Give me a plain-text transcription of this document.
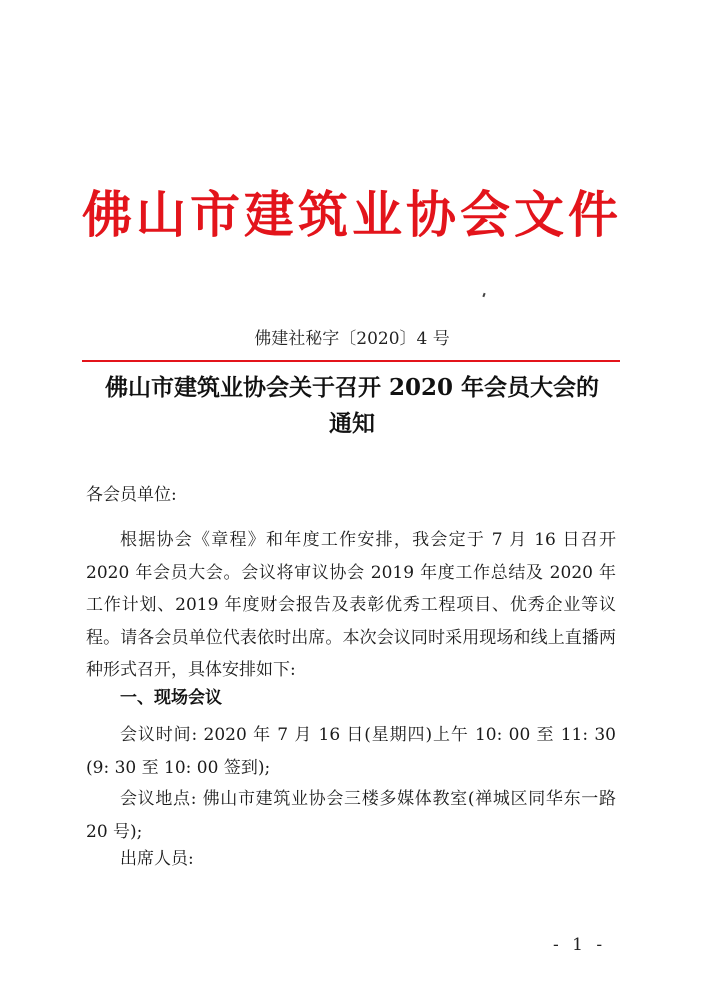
佛山市建筑业协会文件
佛建社秘字〔2020〕4 号
佛山市建筑业协会关于召开 2020 年会员大会的
通知
各会员单位:
根据协会《章程》和年度工作安排，我会定于 7 月 16 日召开 2020 年会员大会。会议将审议协会 2019 年度工作总结及 2020 年工作计划、2019 年度财会报告及表彰优秀工程项目、优秀企业等议程。请各会员单位代表依时出席。本次会议同时采用现场和线上直播两种形式召开，具体安排如下:
一、现场会议
会议时间: 2020 年 7 月 16 日(星期四)上午 10: 00 至 11: 30 (9: 30 至 10: 00 签到);
会议地点: 佛山市建筑业协会三楼多媒体教室(禅城区同华东一路 20 号);
出席人员:
- 1 -
